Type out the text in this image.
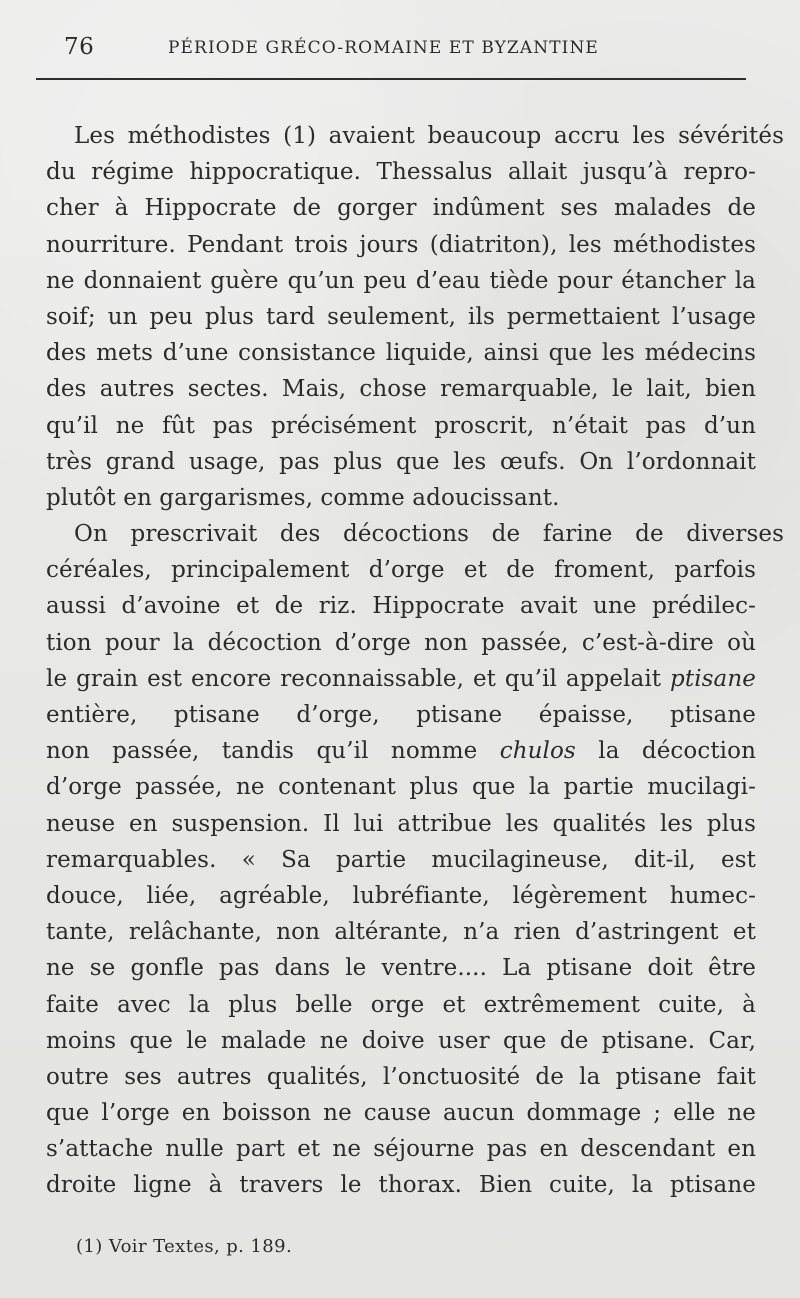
76	PÉRIODE GRÉCO-ROMAINE ET BYZANTINE
Les méthodistes (1) avaient beaucoup accru les sévérités
du régime hippocratique. Thessalus allait jusqu’à repro-
cher à Hippocrate de gorger indûment ses malades de
nourriture. Pendant trois jours (diatriton), les méthodistes
ne donnaient guère qu’un peu d’eau tiède pour étancher la
soif; un peu plus tard seulement, ils permettaient l’usage
des mets d’une consistance liquide, ainsi que les médecins
des autres sectes. Mais, chose remarquable, le lait, bien
qu’il ne fût pas précisément proscrit, n’était pas d’un
très grand usage, pas plus que les œufs. On l’ordonnait
plutôt en gargarismes, comme adoucissant.
On prescrivait des décoctions de farine de diverses
céréales, principalement d’orge et de froment, parfois
aussi d’avoine et de riz. Hippocrate avait une prédilec-
tion pour la décoction d’orge non passée, c’est-à-dire où
le grain est encore reconnaissable, et qu’il appelait ptisane
entière, ptisane d’orge, ptisane épaisse, ptisane
non passée, tandis qu’il nomme chulos la décoction
d’orge passée, ne contenant plus que la partie mucilagi-
neuse en suspension. Il lui attribue les qualités les plus
remarquables. « Sa partie mucilagineuse, dit-il, est
douce, liée, agréable, lubréfiante, légèrement humec-
tante, relâchante, non altérante, n’a rien d’astringent et
ne se gonfle pas dans le ventre.... La ptisane doit être
faite avec la plus belle orge et extrêmement cuite, à
moins que le malade ne doive user que de ptisane. Car,
outre ses autres qualités, l’onctuosité de la ptisane fait
que l’orge en boisson ne cause aucun dommage ; elle ne
s’attache nulle part et ne séjourne pas en descendant en
droite ligne à travers le thorax. Bien cuite, la ptisane
(1) Voir Textes, p. 189.
